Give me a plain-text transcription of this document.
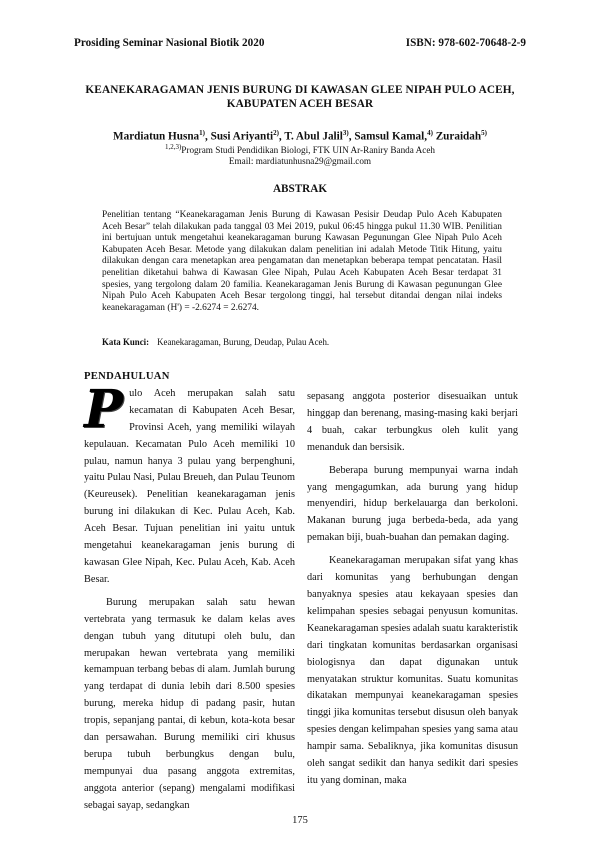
Prosiding Seminar Nasional Biotik 2020	ISBN: 978-602-70648-2-9
KEANEKARAGAMAN JENIS BURUNG DI KAWASAN GLEE NIPAH PULO ACEH,
KABUPATEN ACEH BESAR
Mardiatun Husna$^{1)}$, Susi Ariyanti$^{2)}$, T. Abul Jalil$^{3)}$, Samsul Kamal,$^{4)}$ Zuraidah$^{5)}$
$^{1,2,3)}$Program Studi Pendidikan Biologi, FTK UIN Ar-Raniry Banda Aceh
Email: mardiatunhusna29@gmail.com
ABSTRAK
Penelitian tentang “Keanekaragaman Jenis Burung di Kawasan Pesisir Deudap Pulo Aceh Kabupaten Aceh Besar” telah dilakukan pada tanggal 03 Mei 2019, pukul 06:45 hingga pukul 11.30 WIB. Penilitian ini bertujuan untuk mengetahui keanekaragaman burung Kawasan Pegunungan Glee Nipah Pulo Aceh Kabupaten Aceh Besar. Metode yang dilakukan dalam penelitian ini adalah Metode Titik Hitung, yaitu dilakukan dengan cara menetapkan area pengamatan dan menetapkan beberapa tempat pencatatan. Hasil penelitian diketahui bahwa di Kawasan Glee Nipah, Pulau Aceh Kabupaten Aceh Besar terdapat 31 spesies, yang tergolong dalam 20 familia. Keanekaragaman Jenis Burung di Kawasan pegunungan Glee Nipah Pulo Aceh Kabupaten Aceh Besar tergolong tinggi, hal tersebut ditandai dengan nilai indeks keanekaragaman (H') = -2.6274 = 2.6274.
Kata Kunci: Keanekaragaman, Burung, Deudap, Pulau Aceh.

PENDAHULUAN

Pulo Aceh merupakan salah satu kecamatan di Kabupaten Aceh Besar, Provinsi Aceh, yang memiliki wilayah kepulauan. Kecamatan Pulo Aceh memiliki 10 pulau, namun hanya 3 pulau yang berpenghuni, yaitu Pulau Nasi, Pulau Breueh, dan Pulau Teunom (Keureusek). Penelitian keanekaragaman jenis burung ini dilakukan di Kec. Pulau Aceh, Kab. Aceh Besar. Tujuan penelitian ini yaitu untuk mengetahui keanekaragaman jenis burung di kawasan Glee Nipah, Kec. Pulau Aceh, Kab. Aceh Besar.

Burung merupakan salah satu hewan vertebrata yang termasuk ke dalam kelas aves dengan tubuh yang ditutupi oleh bulu, dan merupakan hewan vertebrata yang memiliki kemampuan terbang bebas di alam. Jumlah burung yang terdapat di dunia lebih dari 8.500 spesies burung, mereka hidup di padang pasir, hutan tropis, sepanjang pantai, di kebun, kota-kota besar dan persawahan. Burung memiliki ciri khusus berupa tubuh berbungkus dengan bulu, mempunyai dua pasang anggota extremitas, anggota anterior (sepang) mengalami modifikasi sebagai sayap, sedangkan

sepasang anggota posterior disesuaikan untuk hinggap dan berenang, masing-masing kaki berjari 4 buah, cakar terbungkus oleh kulit yang menanduk dan bersisik.

Beberapa burung mempunyai warna indah yang mengagumkan, ada burung yang hidup menyendiri, hidup berkelauarga dan berkoloni. Makanan burung juga berbeda-beda, ada yang pemakan biji, buah-buahan dan pemakan daging.

Keanekaragaman merupakan sifat yang khas dari komunitas yang berhubungan dengan banyaknya spesies atau kekayaan spesies dan kelimpahan spesies sebagai penyusun komunitas. Keanekaragaman spesies adalah suatu karakteristik dari tingkatan komunitas berdasarkan organisasi biologisnya dan dapat digunakan untuk menyatakan struktur komunitas. Suatu komunitas dikatakan mempunyai keanekaragaman spesies tinggi jika komunitas tersebut disusun oleh banyak spesies dengan kelimpahan spesies yang sama atau hampir sama. Sebaliknya, jika komunitas disusun oleh sangat sedikit dan hanya sedikit dari spesies itu yang dominan, maka

175
